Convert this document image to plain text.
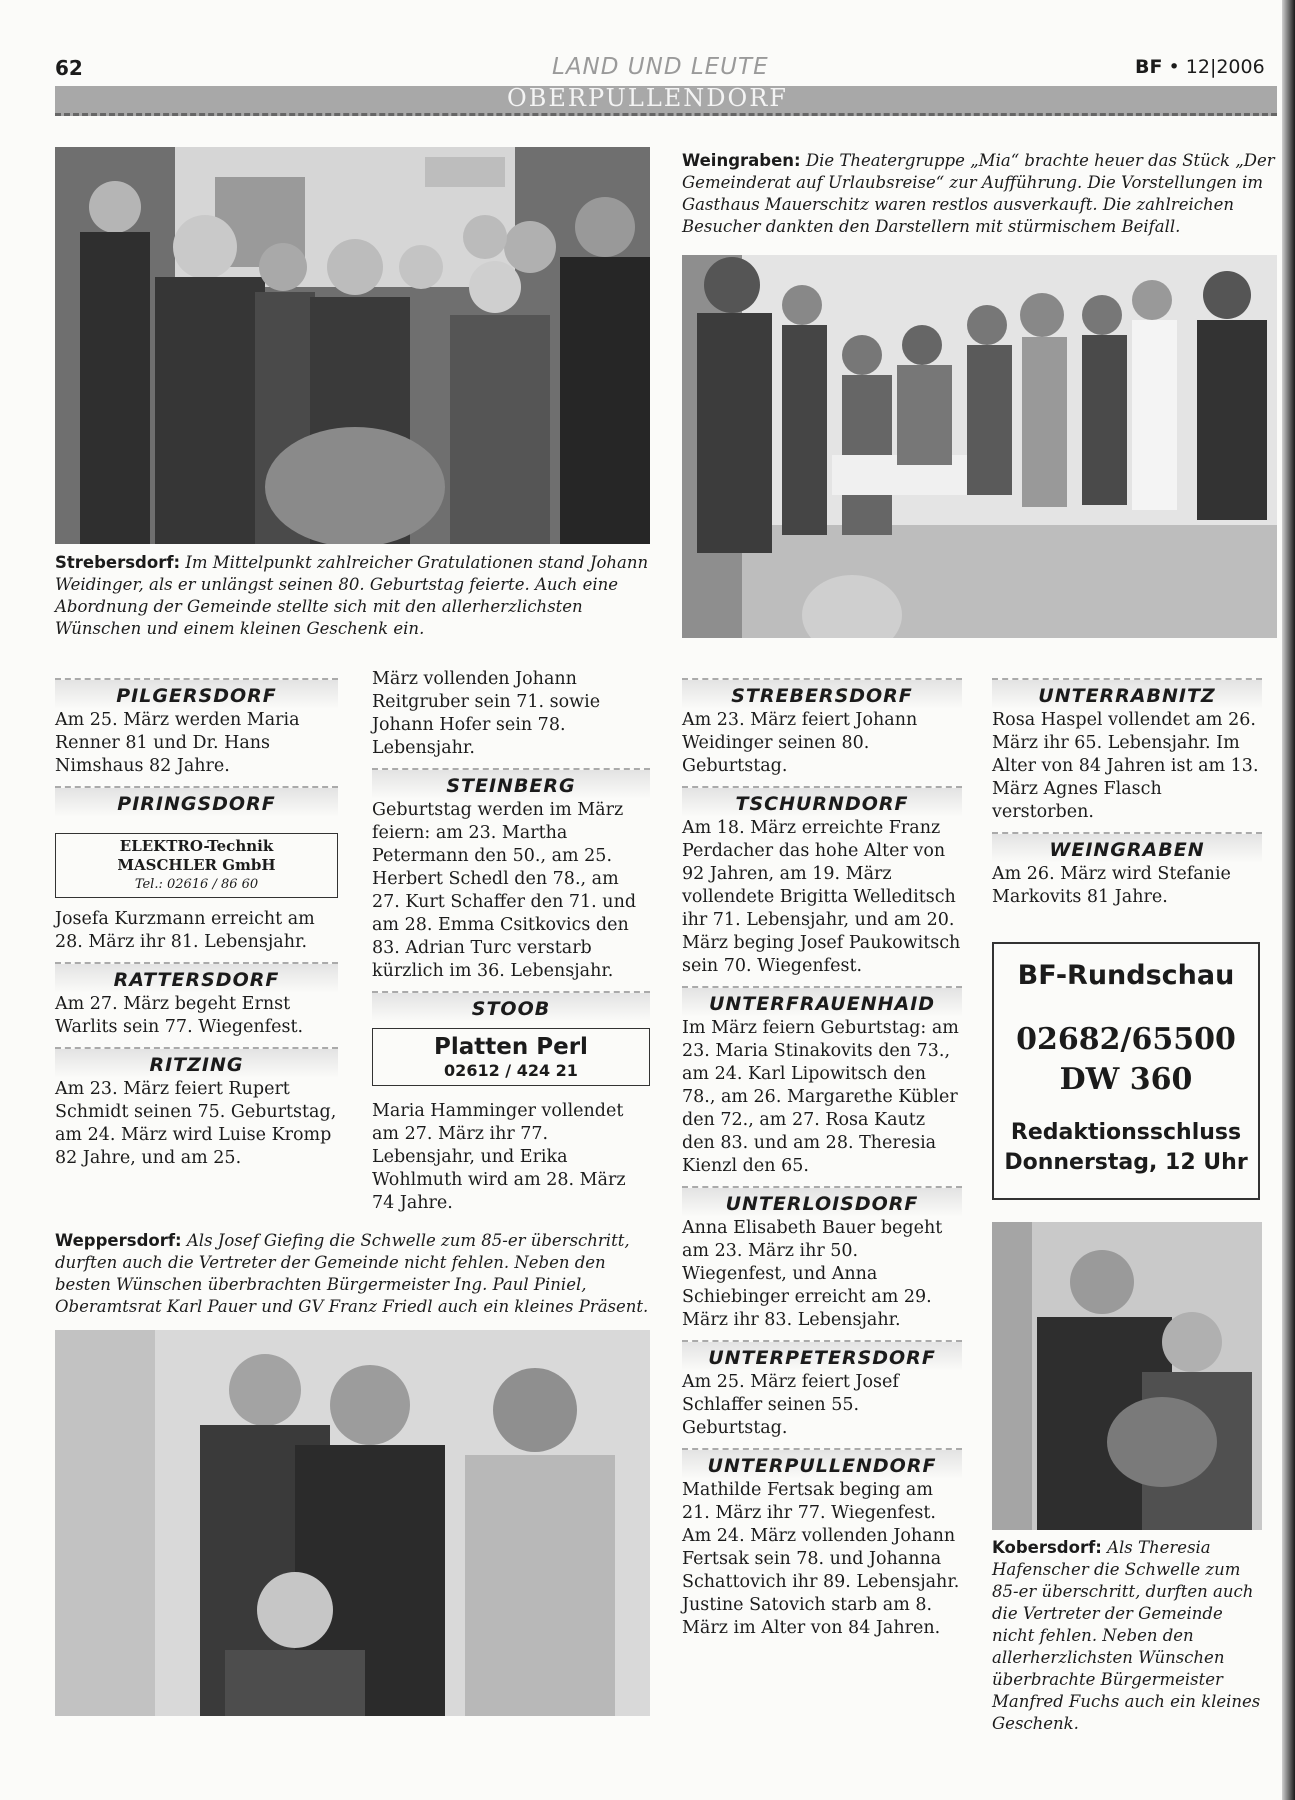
62	LAND UND LEUTE	BF • 12|2006
OBERPULLENDORF
Strebersdorf: Im Mittelpunkt zahlreicher Gratulationen stand Johann Weidinger, als er unlängst seinen 80. Geburtstag feierte. Auch eine Abordnung der Gemeinde stellte sich mit den allerherzlichsten Wünschen und einem kleinen Geschenk ein.
Weingraben: Die Theatergruppe „Mia“ brachte heuer das Stück „Der Gemeinderat auf Urlaubsreise“ zur Aufführung. Die Vorstellungen im Gasthaus Mauerschitz waren restlos ausverkauft. Die zahlreichen Besucher dankten den Darstellern mit stürmischem Beifall.
PILGERSDORF
Am 25. März werden Maria Renner 81 und Dr. Hans Nimshaus 82 Jahre.
PIRINGSDORF
ELEKTRO-Technik
MASCHLER GmbH
Tel.: 02616 / 86 60
Josefa Kurzmann erreicht am 28. März ihr 81. Lebensjahr.
RATTERSDORF
Am 27. März begeht Ernst Warlits sein 77. Wiegenfest.
RITZING
Am 23. März feiert Rupert Schmidt seinen 75. Geburtstag, am 24. März wird Luise Kromp 82 Jahre, und am 25.
März vollenden Johann Reitgruber sein 71. sowie Johann Hofer sein 78. Lebensjahr.
STEINBERG
Geburtstag werden im März feiern: am 23. Martha Petermann den 50., am 25. Herbert Schedl den 78., am 27. Kurt Schaffer den 71. und am 28. Emma Csitkovics den 83. Adrian Turc verstarb kürzlich im 36. Lebensjahr.
STOOB
Platten Perl
02612 / 424 21
Maria Hamminger vollendet am 27. März ihr 77. Lebensjahr, und Erika Wohlmuth wird am 28. März 74 Jahre.
Weppersdorf: Als Josef Giefing die Schwelle zum 85-er überschritt, durften auch die Vertreter der Gemeinde nicht fehlen. Neben den besten Wünschen überbrachten Bürgermeister Ing. Paul Piniel, Oberamtsrat Karl Pauer und GV Franz Friedl auch ein kleines Präsent.
STREBERSDORF
Am 23. März feiert Johann Weidinger seinen 80. Geburtstag.
TSCHURNDORF
Am 18. März erreichte Franz Perdacher das hohe Alter von 92 Jahren, am 19. März vollendete Brigitta Welleditsch ihr 71. Lebensjahr, und am 20. März beging Josef Paukowitsch sein 70. Wiegenfest.
UNTERFRAUENHAID
Im März feiern Geburtstag: am 23. Maria Stinakovits den 73., am 24. Karl Lipowitsch den 78., am 26. Margarethe Kübler den 72., am 27. Rosa Kautz den 83. und am 28. Theresia Kienzl den 65.
UNTERLOISDORF
Anna Elisabeth Bauer begeht am 23. März ihr 50. Wiegenfest, und Anna Schiebinger erreicht am 29. März ihr 83. Lebensjahr.
UNTERPETERSDORF
Am 25. März feiert Josef Schlaffer seinen 55. Geburtstag.
UNTERPULLENDORF
Mathilde Fertsak beging am 21. März ihr 77. Wiegenfest. Am 24. März vollenden Johann Fertsak sein 78. und Johanna Schattovich ihr 89. Lebensjahr. Justine Satovich starb am 8. März im Alter von 84 Jahren.
UNTERRABNITZ
Rosa Haspel vollendet am 26. März ihr 65. Lebensjahr. Im Alter von 84 Jahren ist am 13. März Agnes Flasch verstorben.
WEINGRABEN
Am 26. März wird Stefanie Markovits 81 Jahre.
BF-Rundschau
02682/65500
DW 360
Redaktionsschluss
Donnerstag, 12 Uhr
Kobersdorf: Als Theresia Hafenscher die Schwelle zum 85-er überschritt, durften auch die Vertreter der Gemeinde nicht fehlen. Neben den allerherzlichsten Wünschen überbrachte Bürgermeister Manfred Fuchs auch ein kleines Geschenk.
